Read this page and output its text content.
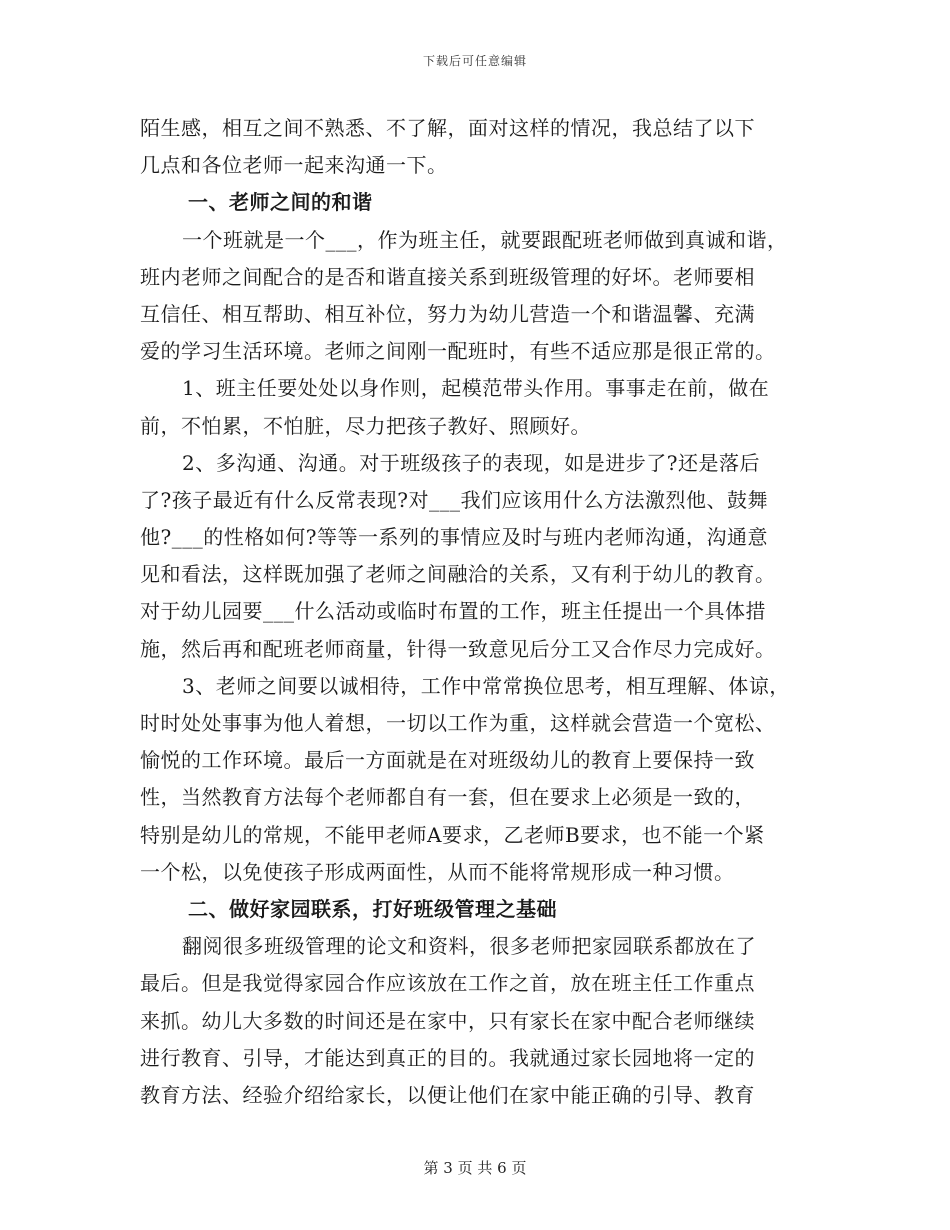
下载后可任意编辑
陌生感，相互之间不熟悉、不了解，面对这样的情况，我总结了以下
几点和各位老师一起来沟通一下。
一、老师之间的和谐
一个班就是一个___，作为班主任，就要跟配班老师做到真诚和谐，
班内老师之间配合的是否和谐直接关系到班级管理的好坏。老师要相
互信任、相互帮助、相互补位，努力为幼儿营造一个和谐温馨、充满
爱的学习生活环境。老师之间刚一配班时，有些不适应那是很正常的。
1、班主任要处处以身作则，起模范带头作用。事事走在前，做在
前，不怕累，不怕脏，尽力把孩子教好、照顾好。
2、多沟通、沟通。对于班级孩子的表现，如是进步了?还是落后
了?孩子最近有什么反常表现?对___我们应该用什么方法激烈他、鼓舞
他?___的性格如何?等等一系列的事情应及时与班内老师沟通，沟通意
见和看法，这样既加强了老师之间融洽的关系，又有利于幼儿的教育。
对于幼儿园要___什么活动或临时布置的工作，班主任提出一个具体措
施，然后再和配班老师商量，针得一致意见后分工又合作尽力完成好。
3、老师之间要以诚相待，工作中常常换位思考，相互理解、体谅，
时时处处事事为他人着想，一切以工作为重，这样就会营造一个宽松、
愉悦的工作环境。最后一方面就是在对班级幼儿的教育上要保持一致
性，当然教育方法每个老师都自有一套，但在要求上必须是一致的，
特别是幼儿的常规，不能甲老师A要求，乙老师B要求，也不能一个紧
一个松，以免使孩子形成两面性，从而不能将常规形成一种习惯。
二、做好家园联系，打好班级管理之基础
翻阅很多班级管理的论文和资料，很多老师把家园联系都放在了
最后。但是我觉得家园合作应该放在工作之首，放在班主任工作重点
来抓。幼儿大多数的时间还是在家中，只有家长在家中配合老师继续
进行教育、引导，才能达到真正的目的。我就通过家长园地将一定的
教育方法、经验介绍给家长，以便让他们在家中能正确的引导、教育
第 3 页 共 6 页
